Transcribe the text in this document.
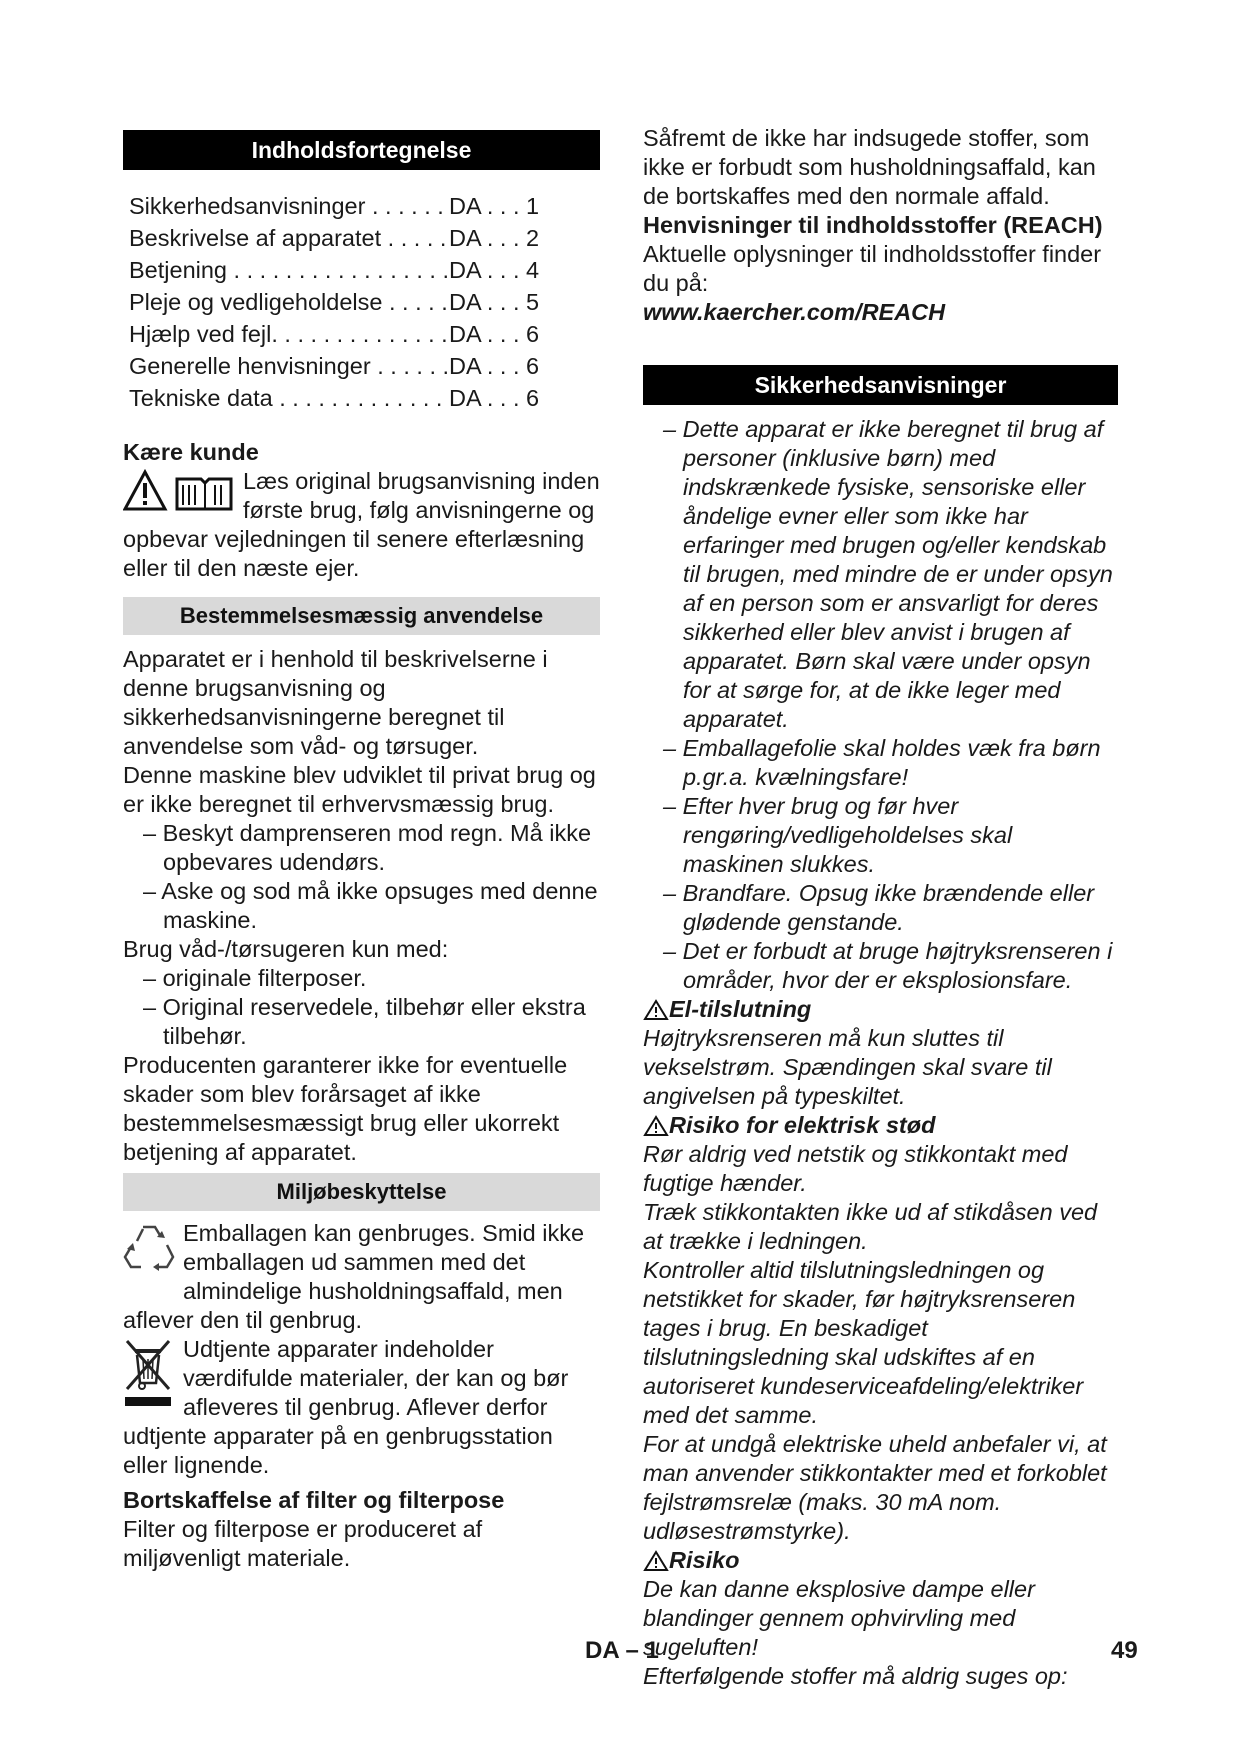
Indholdsfortegnelse
Sikkerhedsanvisninger . . .	DA . . . 1
Beskrivelse af apparatet . . .	DA . . . 2
Betjening . . .	DA . . . 4
Pleje og vedligeholdelse . . .	DA . . . 5
Hjælp ved fejl. . . .	DA . . . 6
Generelle henvisninger . . .	DA . . . 6
Tekniske data . . .	DA . . . 6

Kære kunde

Læs original brugsanvisning inden første brug, følg anvisningerne og opbevar vejledningen til senere efterlæsning eller til den næste ejer.

Bestemmelsesmæssig anvendelse

Apparatet er i henhold til beskrivelserne i denne brugsanvisning og sikkerhedsanvisningerne beregnet til anvendelse som våd- og tørsuger.

Denne maskine blev udviklet til privat brug og er ikke beregnet til erhvervsmæssig brug.

– Beskyt damprenseren mod regn. Må ikke opbevares udendørs.

– Aske og sod må ikke opsuges med denne maskine.

Brug våd-/tørsugeren kun med:

– originale filterposer.

– Original reservedele, tilbehør eller ekstra tilbehør.

Producenten garanterer ikke for eventuelle skader som blev forårsaget af ikke bestemmelsesmæssigt brug eller ukorrekt betjening af apparatet.

Miljøbeskyttelse

Emballagen kan genbruges. Smid ikke emballagen ud sammen med det almindelige husholdningsaffald, men aflever den til genbrug.

Udtjente apparater indeholder værdifulde materialer, der kan og bør afleveres til genbrug. Aflever derfor udtjente apparater på en genbrugsstation eller lignende.

Bortskaffelse af filter og filterpose

Filter og filterpose er produceret af miljøvenligt materiale.

Såfremt de ikke har indsugede stoffer, som ikke er forbudt som husholdningsaffald, kan de bortskaffes med den normale affald.

Henvisninger til indholdsstoffer (REACH)

Aktuelle oplysninger til indholdsstoffer finder du på:

www.kaercher.com/REACH

Sikkerhedsanvisninger

– Dette apparat er ikke beregnet til brug af personer (inklusive børn) med indskrænkede fysiske, sensoriske eller åndelige evner eller som ikke har erfaringer med brugen og/eller kendskab til brugen, med mindre de er under opsyn af en person som er ansvarligt for deres sikkerhed eller blev anvist i brugen af apparatet. Børn skal være under opsyn for at sørge for, at de ikke leger med apparatet.

– Emballagefolie skal holdes væk fra børn p.gr.a. kvælningsfare!

– Efter hver brug og før hver rengøring/vedligeholdelses skal maskinen slukkes.

– Brandfare. Opsug ikke brændende eller glødende genstande.

– Det er forbudt at bruge højtryksrenseren i områder, hvor der er eksplosionsfare.

El-tilslutning

Højtryksrenseren må kun sluttes til vekselstrøm. Spændingen skal svare til angivelsen på typeskiltet.

Risiko for elektrisk stød

Rør aldrig ved netstik og stikkontakt med fugtige hænder.

Træk stikkontakten ikke ud af stikdåsen ved at trække i ledningen.

Kontroller altid tilslutningsledningen og netstikket for skader, før højtryksrenseren tages i brug. En beskadiget tilslutningsledning skal udskiftes af en autoriseret kundeserviceafdeling/elektriker med det samme.

For at undgå elektriske uheld anbefaler vi, at man anvender stikkontakter med et forkoblet fejlstrømsrelæ (maks. 30 mA nom. udløsestrømstyrke).

Risiko

De kan danne eksplosive dampe eller blandinger gennem ophvirvling med sugeluften!

Efterfølgende stoffer må aldrig suges op:

DA – 1	49
